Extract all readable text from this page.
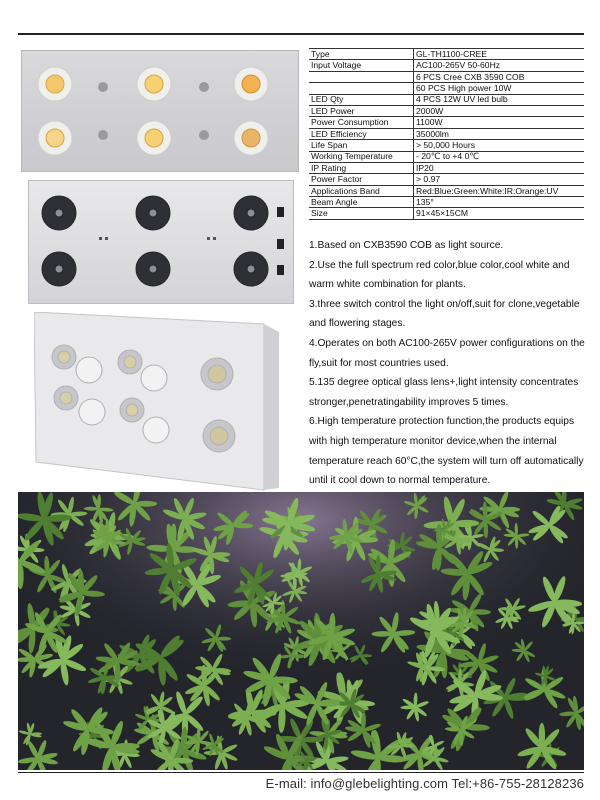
Type	GL-TH1100-CREE
Input Voltage	AC100-265V 50-60Hz
	6 PCS Cree CXB 3590 COB
	60 PCS High power 10W
LED Qty	4 PCS 12W UV led bulb
LED Power	2000W
Power Consumption	1100W
LED Efficiency	35000lm
Life Span	> 50,000 Hours
Working Temperature	- 20℃ to +4 0℃
IP Rating	IP20
Power Factor	> 0.97
Applications Band	Red:Blue:Green:White:IR:Orange:UV
Beam Angle	135°
Size	91×45×15CM
1.Based on CXB3590 COB as light source.
2.Use the full spectrum red color,blue color,cool white and
warm white combination for plants.
3.three switch control the light on/off,suit for clone,vegetable
and flowering stages.
4.Operates on both AC100-265V power configurations on the
fly,suit for most countries used.
5.135 degree optical glass lens+,light intensity concentrates
stronger,penetratingability improves 5 times.
6.High temperature protection function,the products equips
with high temperature monitor device,when the internal
temperature reach 60°C,the system will turn off automatically
until it cool down to normal temperature.
E-mail: info@glebelighting.com Tel:+86-755-28128236
